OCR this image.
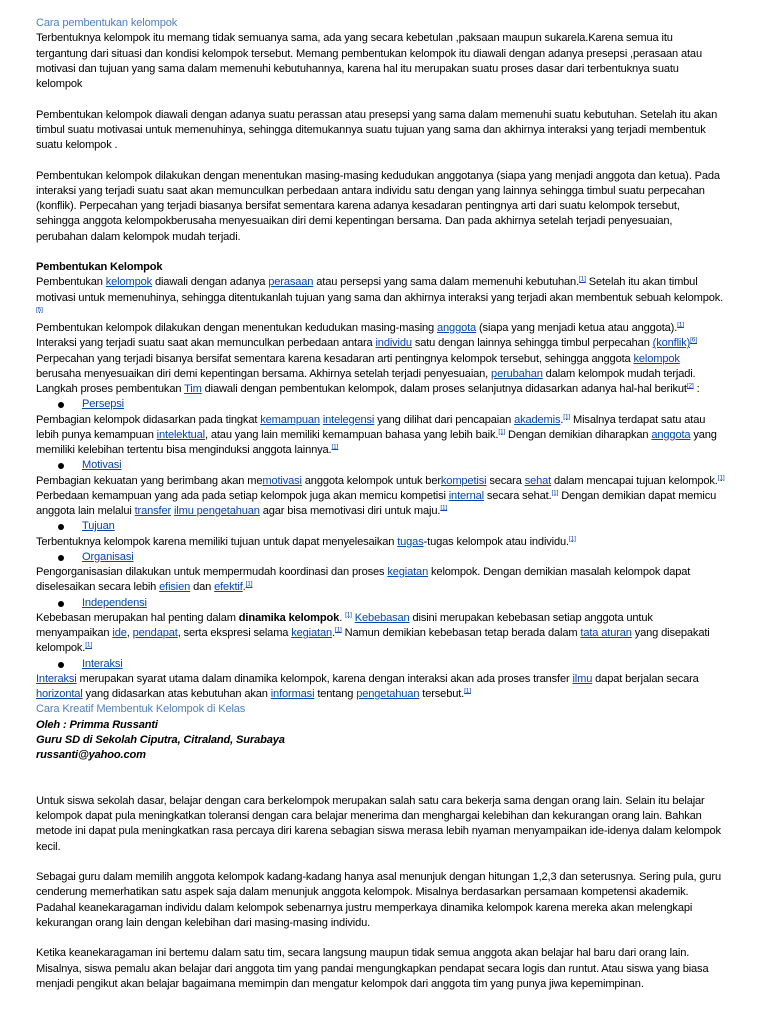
Cara pembentukan kelompok

Terbentuknya kelompok itu memang tidak semuanya sama, ada yang secara kebetulan ,paksaan maupun sukarela.Karena semua itu tergantung dari situasi dan kondisi kelompok tersebut. Memang pembentukan kelompok itu diawali dengan adanya presepsi ,perasaan atau motivasi dan tujuan yang sama dalam memenuhi kebutuhannya, karena hal itu merupakan suatu proses dasar dari terbentuknya suatu kelompok

Pembentukan kelompok diawali dengan adanya suatu perassan atau presepsi yang sama dalam memenuhi suatu kebutuhan. Setelah itu akan timbul suatu motivasai untuk memenuhinya, sehingga ditemukannya suatu tujuan yang sama dan akhirnya interaksi yang terjadi membentuk suatu kelompok .

Pembentukan kelompok dilakukan dengan menentukan masing-masing kedudukan anggotanya (siapa yang menjadi anggota dan ketua). Pada interaksi yang terjadi suatu saat akan memunculkan perbedaan antara individu satu dengan yang lainnya sehingga timbul suatu perpecahan (konflik). Perpecahan yang terjadi biasanya bersifat sementara karena adanya kesadaran pentingnya arti dari suatu kelompok tersebut, sehingga anggota kelompokberusaha menyesuaikan diri demi kepentingan bersama. Dan pada akhirnya setelah terjadi penyesuaian, perubahan dalam kelompok mudah terjadi.

Pembentukan Kelompok

Pembentukan kelompok diawali dengan adanya perasaan atau persepsi yang sama dalam memenuhi kebutuhan.[1] Setelah itu akan timbul motivasi untuk memenuhinya, sehingga ditentukanlah tujuan yang sama dan akhirnya interaksi yang terjadi akan membentuk sebuah kelompok.[5]

Pembentukan kelompok dilakukan dengan menentukan kedudukan masing-masing anggota (siapa yang menjadi ketua atau anggota).[1]

Interaksi yang terjadi suatu saat akan memunculkan perbedaan antara individu satu dengan lainnya sehingga timbul perpecahan (konflik)[6] Perpecahan yang terjadi bisanya bersifat sementara karena kesadaran arti pentingnya kelompok tersebut, sehingga anggota kelompok berusaha menyesuaikan diri demi kepentingan bersama. Akhirnya setelah terjadi penyesuaian, perubahan dalam kelompok mudah terjadi.

Langkah proses pembentukan Tim diawali dengan pembentukan kelompok, dalam proses selanjutnya didasarkan adanya hal-hal berikut[2] :

Persepsi

Pembagian kelompok didasarkan pada tingkat kemampuan intelegensi yang dilihat dari pencapaian akademis.[1] Misalnya terdapat satu atau lebih punya kemampuan intelektual, atau yang lain memiliki kemampuan bahasa yang lebih baik.[1] Dengan demikian diharapkan anggota yang memiliki kelebihan tertentu bisa menginduksi anggota lainnya.[1]

Motivasi

Pembagian kekuatan yang berimbang akan memotivasi anggota kelompok untuk berkompetisi secara sehat dalam mencapai tujuan kelompok.[1] Perbedaan kemampuan yang ada pada setiap kelompok juga akan memicu kompetisi internal secara sehat.[1] Dengan demikian dapat memicu anggota lain melalui transfer ilmu pengetahuan agar bisa memotivasi diri untuk maju.[1]

Tujuan

Terbentuknya kelompok karena memiliki tujuan untuk dapat menyelesaikan tugas-tugas kelompok atau individu.[1]

Organisasi

Pengorganisasian dilakukan untuk mempermudah koordinasi dan proses kegiatan kelompok. Dengan demikian masalah kelompok dapat diselesaikan secara lebih efisien dan efektif.[1]

Independensi

Kebebasan merupakan hal penting dalam dinamika kelompok. [1] Kebebasan disini merupakan kebebasan setiap anggota untuk menyampaikan ide, pendapat, serta ekspresi selama kegiatan.[1] Namun demikian kebebasan tetap berada dalam tata aturan yang disepakati kelompok.[1]

Interaksi

Interaksi merupakan syarat utama dalam dinamika kelompok, karena dengan interaksi akan ada proses transfer ilmu dapat berjalan secara horizontal yang didasarkan atas kebutuhan akan informasi tentang pengetahuan tersebut.[1]

Cara Kreatif Membentuk Kelompok di Kelas

Oleh : Primma Russanti

Guru SD di Sekolah Ciputra, Citraland, Surabaya

russanti@yahoo.com

Untuk siswa sekolah dasar, belajar dengan cara berkelompok merupakan salah satu cara bekerja sama dengan orang lain. Selain itu belajar kelompok dapat pula meningkatkan toleransi dengan cara belajar menerima dan menghargai kelebihan dan kekurangan orang lain. Bahkan metode ini dapat pula meningkatkan rasa percaya diri karena sebagian siswa merasa lebih nyaman menyampaikan ide-idenya dalam kelompok kecil.

Sebagai guru dalam memilih anggota kelompok kadang-kadang hanya asal menunjuk dengan hitungan 1,2,3 dan seterusnya. Sering pula, guru cenderung memerhatikan satu aspek saja dalam menunjuk anggota kelompok. Misalnya berdasarkan persamaan kompetensi akademik. Padahal keanekaragaman individu dalam kelompok sebenarnya justru memperkaya dinamika kelompok karena mereka akan melengkapi kekurangan orang lain dengan kelebihan dari masing-masing individu.

Ketika keanekaragaman ini bertemu dalam satu tim, secara langsung maupun tidak semua anggota akan belajar hal baru dari orang lain. Misalnya, siswa pemalu akan belajar dari anggota tim yang pandai mengungkapkan pendapat secara logis dan runtut. Atau siswa yang biasa menjadi pengikut akan belajar bagaimana memimpin dan mengatur kelompok dari anggota tim yang punya jiwa kepemimpinan.
